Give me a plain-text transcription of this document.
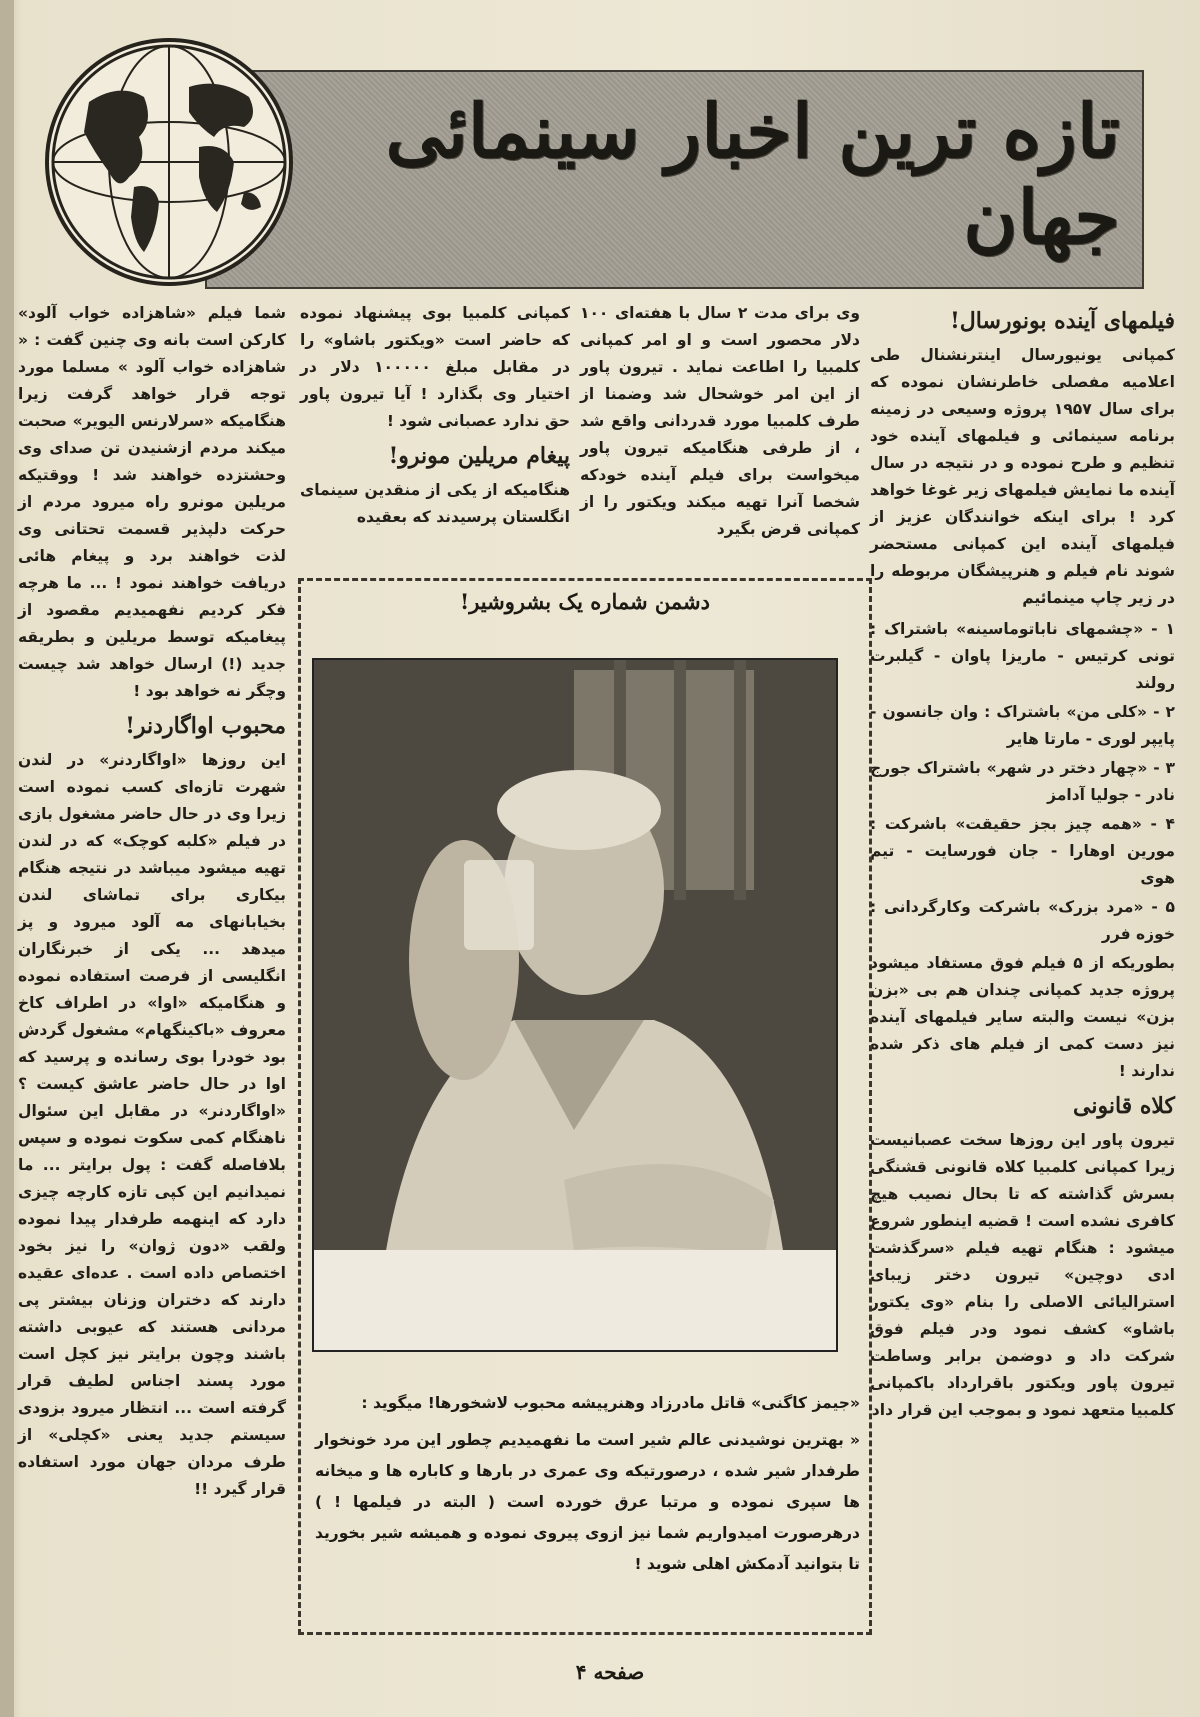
تازه ترین اخبار سینمائی جهان
فیلمهای آینده بونورسال!

کمپانی یونیورسال اینترنشنال طی اعلامیه مفصلی خاطرنشان نموده که برای سال ۱۹۵۷ پروژه وسیعی در زمینه برنامه سینمائی و فیلمهای آینده خود تنظیم و طرح نموده و در نتیجه در سال آینده ما نمایش فیلمهای زیر غوغا خواهد کرد ! برای اینکه خوانندگان عزیز از فیلمهای آینده این کمپانی مستحضر شوند نام فیلم و هنرپیشگان مربوطه را در زیر چاپ مینمائیم

۱ - «چشمهای ناباتوماسینه» باشتراک : تونی کرتیس - ماریزا پاوان - گیلبرت رولند
۲ - «کلی من» باشتراک : وان جانسون - پایپر لوری - مارتا هایر
۳ - «چهار دختر در شهر» باشتراک جورج نادر - جولیا آدامز
۴ - «همه چیز بجز حقیقت» باشرکت : مورین اوهارا - جان فورسایت - تیم هوی
۵ - «مرد بزرک» باشرکت وکارگردانی : خوزه فرر

بطوریکه از ۵ فیلم فوق مستفاد میشود پروژه جدید کمپانی چندان هم بی «بزن بزن» نیست والبته سایر فیلمهای آینده نیز دست کمی از فیلم های ذکر شده ندارند !

کلاه قانونی

تیرون پاور این روزها سخت عصبانیست زیرا کمپانی کلمبیا کلاه قانونی قشنگی بسرش گذاشته که تا بحال نصیب هیچ کافری نشده است ! قضیه اینطور شروع میشود : هنگام تهیه فیلم «سرگذشت ادی دوچین» تیرون دختر زیبای استرالیائی الاصلی را بنام «وی یکتور باشاو» کشف نمود ودر فیلم فوق شرکت داد و دوضمن برابر وساطت تیرون پاور ویکتور باقرارداد باکمپانی کلمبیا متعهد نمود و بموجب این قرار داد

وی برای مدت ۲ سال با هفته‌ای ۱۰۰ دلار محصور است و او امر کمپانی کلمبیا را اطاعت نماید . تیرون پاور از این امر خوشحال شد وضمنا از طرف کلمبیا مورد قدردانی واقع شد ، از طرفی هنگامیکه تیرون پاور میخواست برای فیلم آینده خودکه شخصا آنرا تهیه میکند ویکتور را از کمپانی قرض بگیرد

کمپانی کلمبیا بوی پیشنهاد نموده که حاضر است «ویکتور باشاو» را در مقابل مبلغ ۱۰۰۰۰۰ دلار در اختیار وی بگذارد ! آیا تیرون پاور حق ندارد عصبانی شود !

پیغام مریلین مونرو!

هنگامیکه از یکی از منقدین سینمای انگلستان پرسیدند که بعقیده

شما فیلم «شاهزاده خواب آلود» کارکن است بانه وی چنین گفت : « شاهزاده خواب آلود » مسلما مورد توجه قرار خواهد گرفت زیرا هنگامیکه «سرلارنس الیویر» صحبت میکند مردم ازشنیدن تن صدای وی وحشتزده خواهند شد ! ووقتیکه مریلین مونرو راه میرود مردم از حرکت دلپذیر قسمت تحتانی وی لذت خواهند برد و پیغام هائی دریافت خواهند نمود ! ... ما هرچه فکر کردیم نفهمیدیم مقصود از پیغامیکه توسط مریلین و بطریقه جدید (!) ارسال خواهد شد چیست وچگر نه خواهد بود !

محبوب اواگاردنر!

این روزها «اواگاردنر» در لندن شهرت تازه‌ای کسب نموده است زیرا وی در حال حاضر مشغول بازی در فیلم «کلبه کوچک» که در لندن تهیه میشود میباشد در نتیجه هنگام بیکاری برای تماشای لندن بخیابانهای مه آلود میرود و پز میدهد ... یکی از خبرنگاران انگلیسی از فرصت استفاده نموده و هنگامیکه «اوا» در اطراف کاخ معروف «باکینگهام» مشغول گردش بود خودرا بوی رسانده و پرسید که اوا در حال حاضر عاشق کیست ؟ «اواگاردنر» در مقابل این سئوال ناهنگام کمی سکوت نموده و سپس بلافاصله گفت : پول برایتر ... ما نمیدانیم این کپی تازه کارچه چیزی دارد که اینهمه طرفدار پیدا نموده ولقب «دون ژوان» را نیز بخود اختصاص داده است . عده‌ای عقیده دارند که دختران وزنان بیشتر پی مردانی هستند که عیوبی داشته باشند وچون برایتر نیز کچل است مورد پسند اجناس لطیف قرار گرفته است ... انتظار میرود بزودی سیستم جدید یعنی «کچلی» از طرف مردان جهان مورد استفاده قرار گیرد !!

دشمن شماره یک بشروشیر!

«جیمز کاگنی» قاتل مادرزاد وهنرپیشه محبوب لاشخورها! میگوید :

« بهترین نوشیدنی عالم شیر است ما نفهمیدیم چطور این مرد خونخوار طرفدار شیر شده ، درصورتیکه وی عمری در بارها و کاباره ها و میخانه ها سپری نموده و مرتبا عرق خورده است ( البته در فیلمها ! ) درهرصورت امیدواریم شما نیز ازوی پیروی نموده و همیشه شیر بخورید تا بتوانید آدمکش اهلی شوید !

صفحه ۴
